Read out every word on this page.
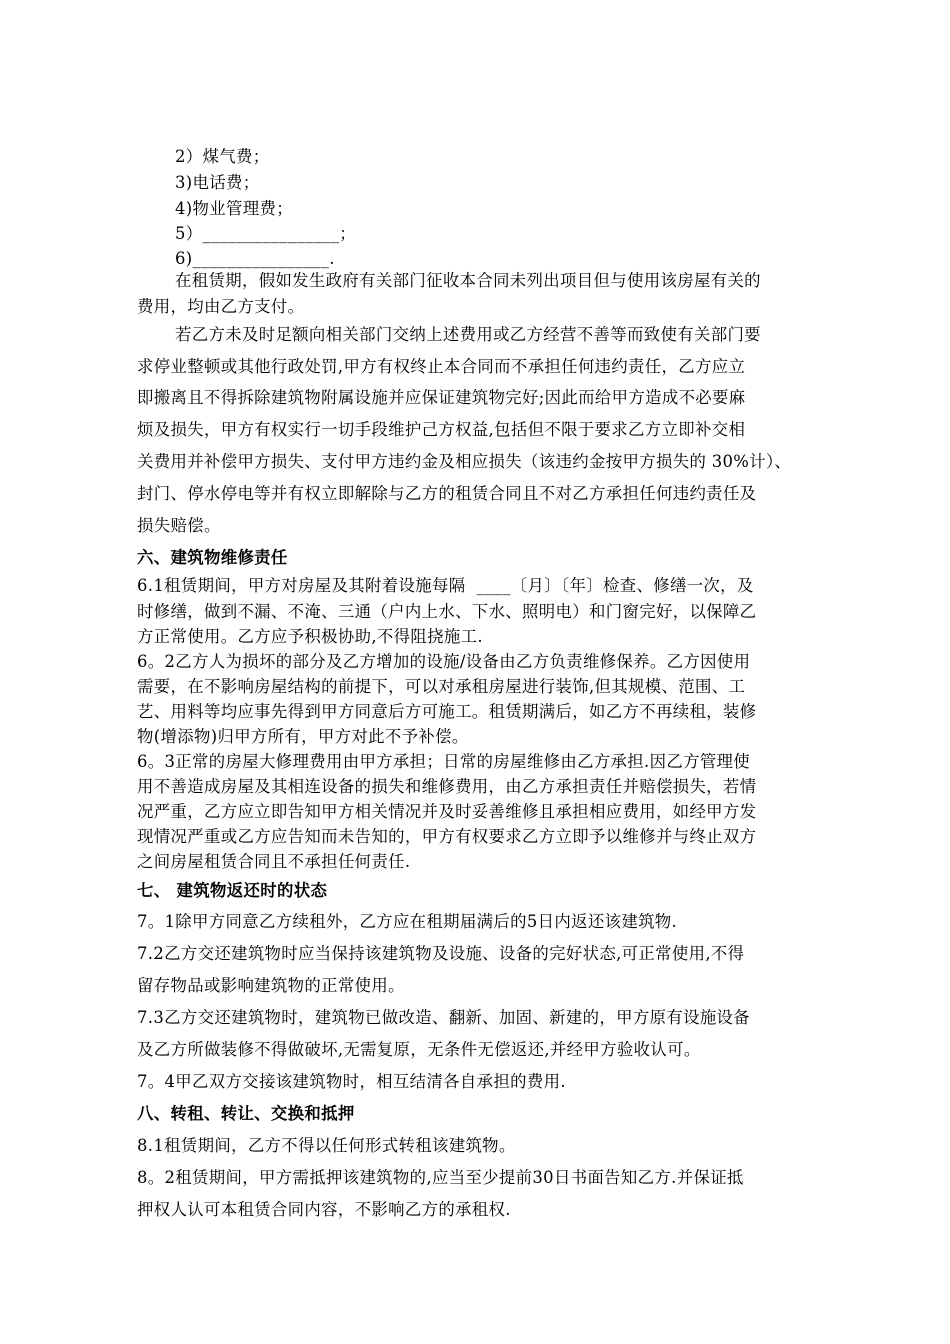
2）煤气费；
3)电话费；
4)物业管理费；
5）________________；
6)________________.
在租赁期，假如发生政府有关部门征收本合同未列出项目但与使用该房屋有关的
费用，均由乙方支付。
若乙方未及时足额向相关部门交纳上述费用或乙方经营不善等而致使有关部门要
求停业整顿或其他行政处罚,甲方有权终止本合同而不承担任何违约责任，乙方应立
即搬离且不得拆除建筑物附属设施并应保证建筑物完好;因此而给甲方造成不必要麻
烦及损失，甲方有权实行一切手段维护己方权益,包括但不限于要求乙方立即补交相
关费用并补偿甲方损失、支付甲方违约金及相应损失（该违约金按甲方损失的 30%计）、
封门、停水停电等并有权立即解除与乙方的租赁合同且不对乙方承担任何违约责任及
损失赔偿。
六、建筑物维修责任
6.1租赁期间，甲方对房屋及其附着设施每隔  ____〔月〕〔年〕检查、修缮一次，及
时修缮，做到不漏、不淹、三通（户内上水、下水、照明电）和门窗完好，以保障乙
方正常使用。乙方应予积极协助,不得阻挠施工.
6。2乙方人为损坏的部分及乙方增加的设施/设备由乙方负责维修保养。乙方因使用
需要，在不影响房屋结构的前提下，可以对承租房屋进行装饰,但其规模、范围、工
艺、用料等均应事先得到甲方同意后方可施工。租赁期满后，如乙方不再续租，装修
物(增添物)归甲方所有，甲方对此不予补偿。
6。3正常的房屋大修理费用由甲方承担；日常的房屋维修由乙方承担.因乙方管理使
用不善造成房屋及其相连设备的损失和维修费用，由乙方承担责任并赔偿损失，若情
况严重，乙方应立即告知甲方相关情况并及时妥善维修且承担相应费用，如经甲方发
现情况严重或乙方应告知而未告知的，甲方有权要求乙方立即予以维修并与终止双方
之间房屋租赁合同且不承担任何责任.
七、 建筑物返还时的状态
7。1除甲方同意乙方续租外，乙方应在租期届满后的5日内返还该建筑物.
7.2乙方交还建筑物时应当保持该建筑物及设施、设备的完好状态,可正常使用,不得
留存物品或影响建筑物的正常使用。
7.3乙方交还建筑物时，建筑物已做改造、翻新、加固、新建的，甲方原有设施设备
及乙方所做装修不得做破坏,无需复原，无条件无偿返还,并经甲方验收认可。
7。4甲乙双方交接该建筑物时，相互结清各自承担的费用.
八、转租、转让、交换和抵押
8.1租赁期间，乙方不得以任何形式转租该建筑物。
8。2租赁期间，甲方需抵押该建筑物的,应当至少提前30日书面告知乙方.并保证抵
押权人认可本租赁合同内容，不影响乙方的承租权.
